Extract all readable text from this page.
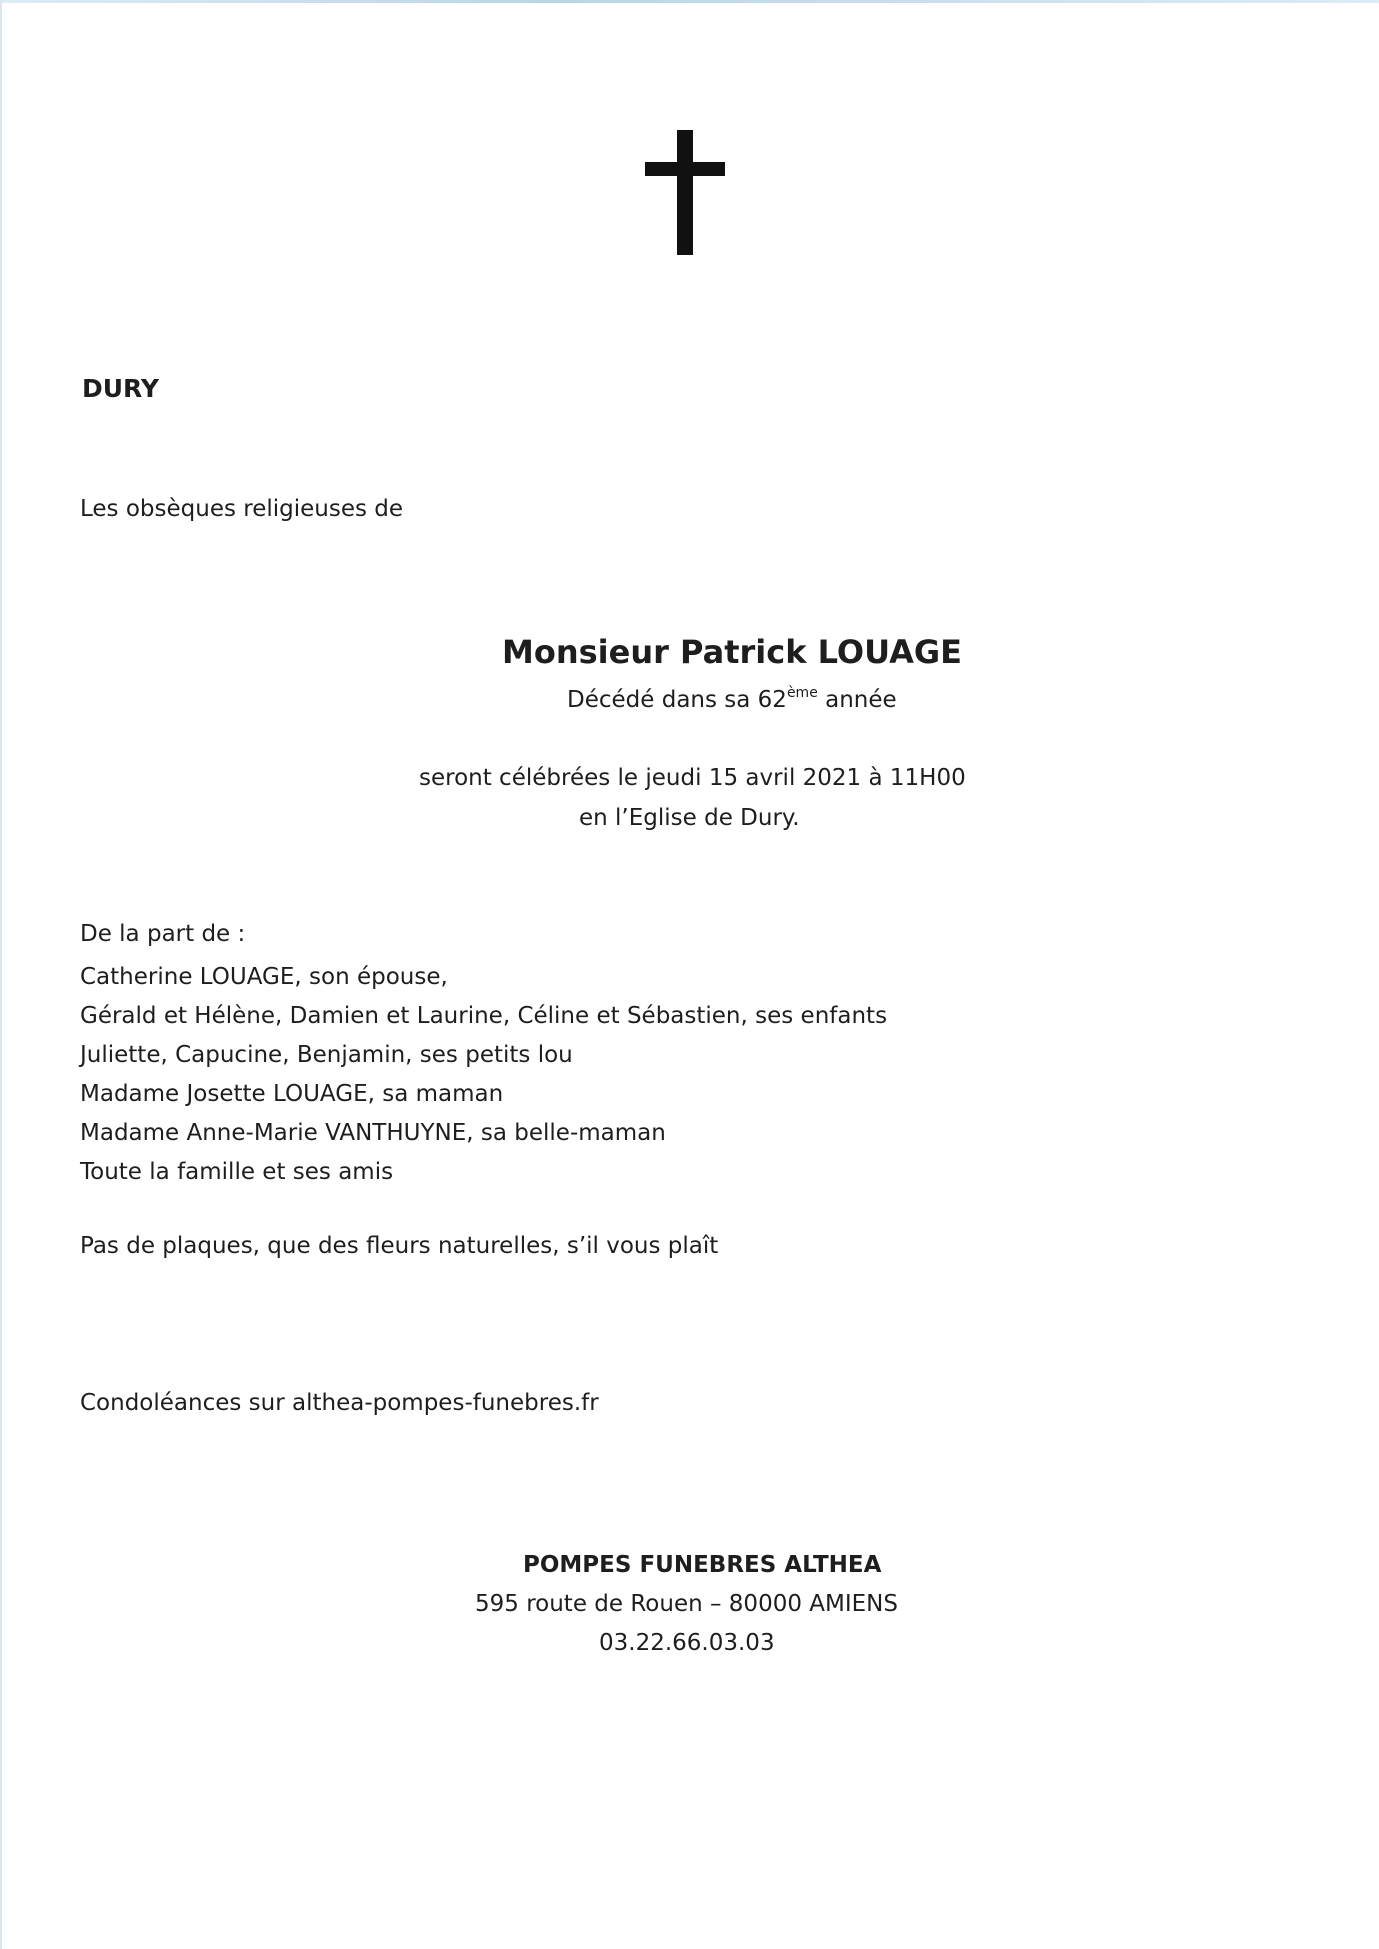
DURY
Les obsèques religieuses de
Monsieur Patrick LOUAGE
Décédé dans sa 62ème année
seront célébrées le jeudi 15 avril 2021 à 11H00
en l’Eglise de Dury.
De la part de :
Catherine LOUAGE, son épouse,
Gérald et Hélène, Damien et Laurine, Céline et Sébastien, ses enfants
Juliette, Capucine, Benjamin, ses petits lou
Madame Josette LOUAGE, sa maman
Madame Anne-Marie VANTHUYNE, sa belle-maman
Toute la famille et ses amis
Pas de plaques, que des fleurs naturelles, s’il vous plaît
Condoléances sur althea-pompes-funebres.fr
POMPES FUNEBRES ALTHEA
595 route de Rouen – 80000 AMIENS
03.22.66.03.03
